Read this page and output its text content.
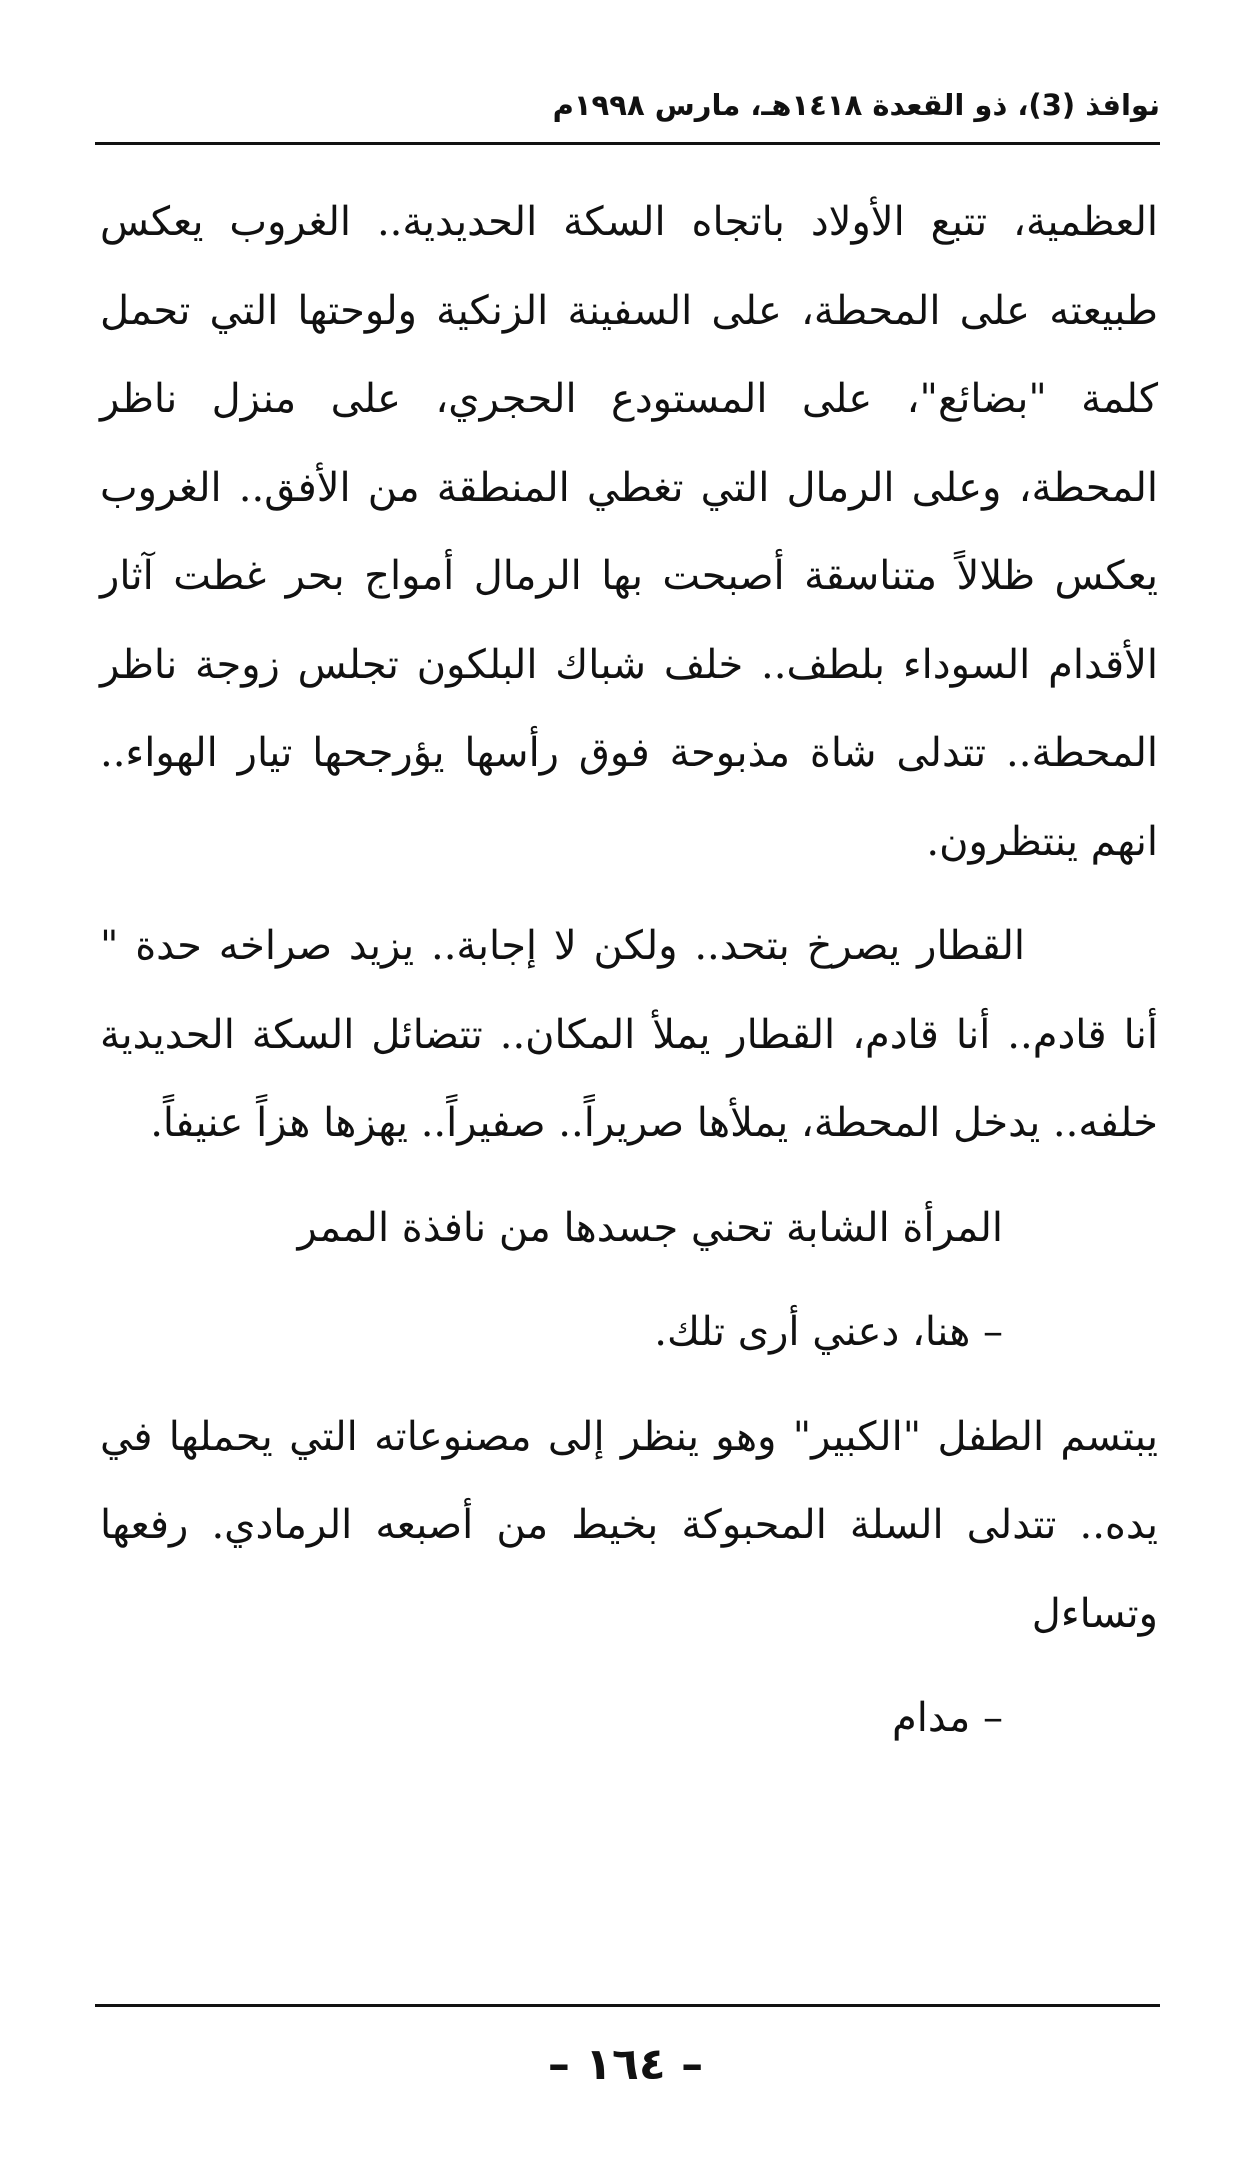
نوافذ (3)، ذو القعدة ١٤١٨هـ، مارس ١٩٩٨م

العظمية، تتبع الأولاد باتجاه السكة الحديدية.. الغروب يعكس طبيعته على المحطة، على السفينة الزنكية ولوحتها التي تحمل كلمة "بضائع"، على المستودع الحجري، على منزل ناظر المحطة، وعلى الرمال التي تغطي المنطقة من الأفق.. الغروب يعكس ظلالاً متناسقة أصبحت بها الرمال أمواج بحر غطت آثار الأقدام السوداء بلطف.. خلف شباك البلكون تجلس زوجة ناظر المحطة.. تتدلى شاة مذبوحة فوق رأسها يؤرجحها تيار الهواء.. انهم ينتظرون.

القطار يصرخ بتحد.. ولكن لا إجابة.. يزيد صراخه حدة " أنا قادم.. أنا قادم، القطار يملأ المكان.. تتضائل السكة الحديدية خلفه.. يدخل المحطة، يملأها صريراً.. صفيراً.. يهزها هزاً عنيفاً.

المرأة الشابة تحني جسدها من نافذة الممر

– هنا، دعني أرى تلك.

يبتسم الطفل "الكبير" وهو ينظر إلى مصنوعاته التي يحملها في يده.. تتدلى السلة المحبوكة بخيط من أصبعه الرمادي. رفعها وتساءل

– مدام

– ١٦٤ –
